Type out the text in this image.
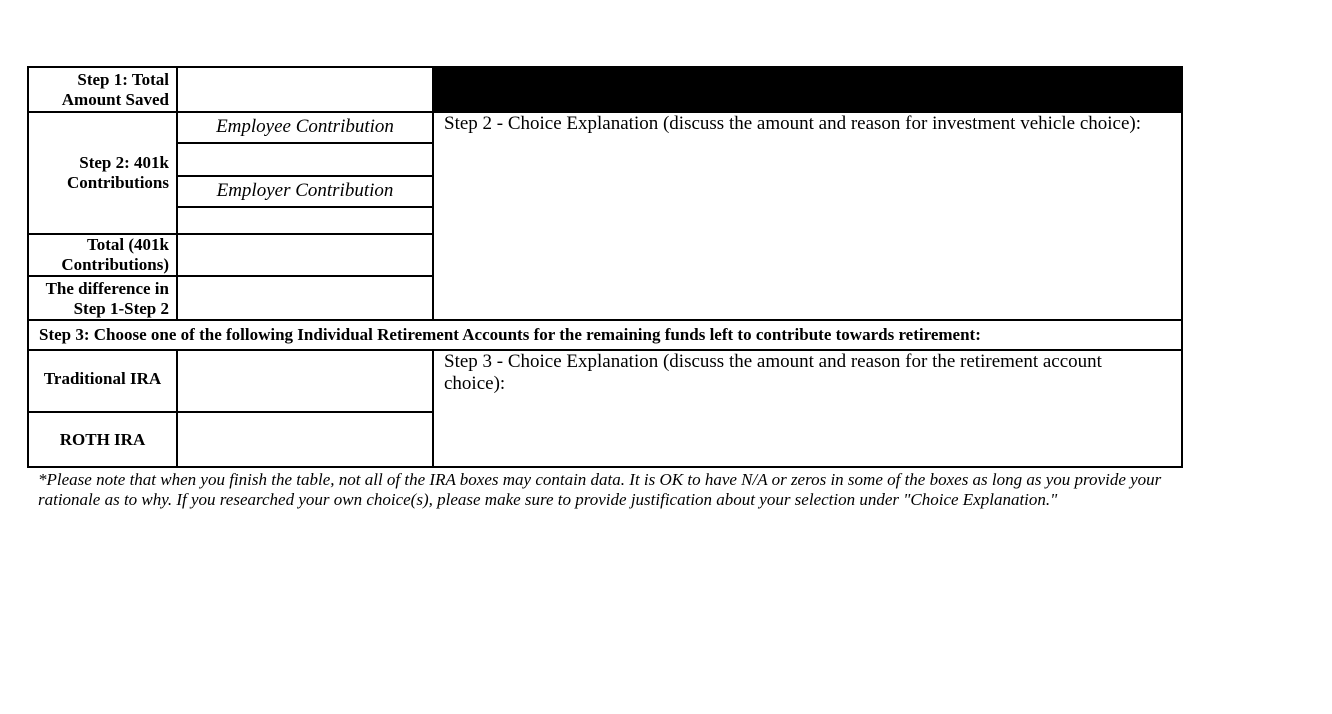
Step 1: Total Amount Saved
Step 2: 401k Contributions
Employee Contribution
Employer Contribution
Step 2 - Choice Explanation (discuss the amount and reason for investment vehicle choice):
Total (401k Contributions)
The difference in Step 1-Step 2
Step 3: Choose one of the following Individual Retirement Accounts for the remaining funds left to contribute towards retirement:
Traditional IRA
ROTH IRA
Step 3 - Choice Explanation (discuss the amount and reason for the retirement account choice):
*Please note that when you finish the table, not all of the IRA boxes may contain data. It is OK to have N/A or zeros in some of the boxes as long as you provide your rationale as to why. If you researched your own choice(s), please make sure to provide justification about your selection under "Choice Explanation."
